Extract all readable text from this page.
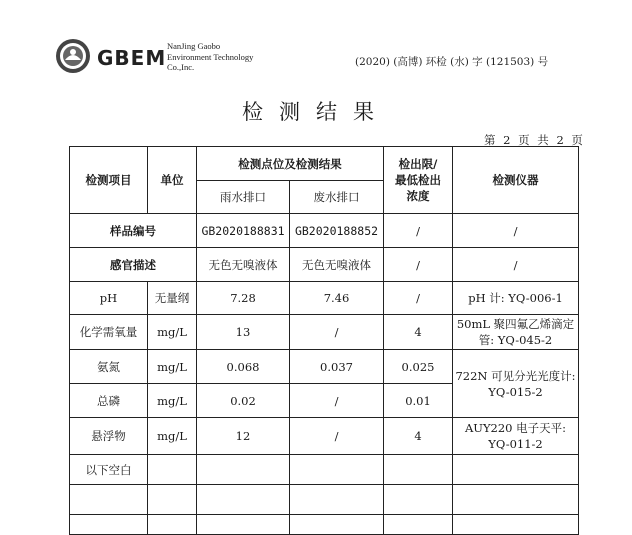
GBEM NanJing Gaobo
Environment Technology
Co.,Inc.	(2020) (高博) 环检 (水) 字 (121503) 号
检测结果
第 2 页 共 2 页
检测项目	单位	检测点位及检测结果		检出限/最低检出浓度	检测仪器
		雨水排口	废水排口		
样品编号		GB2020188831	GB2020188852	/	/
感官描述		无色无嗅液体	无色无嗅液体	/	/
pH	无量纲	7.28	7.46	/	pH 计: YQ-006-1
化学需氧量	mg/L	13	/	4	50mL 聚四氟乙烯滴定管: YQ-045-2
氨氮	mg/L	0.068	0.037	0.025	722N 可见分光光度计: YQ-015-2
总磷	mg/L	0.02	/	0.01	
悬浮物	mg/L	12	/	4	AUY220 电子天平: YQ-011-2
以下空白					
